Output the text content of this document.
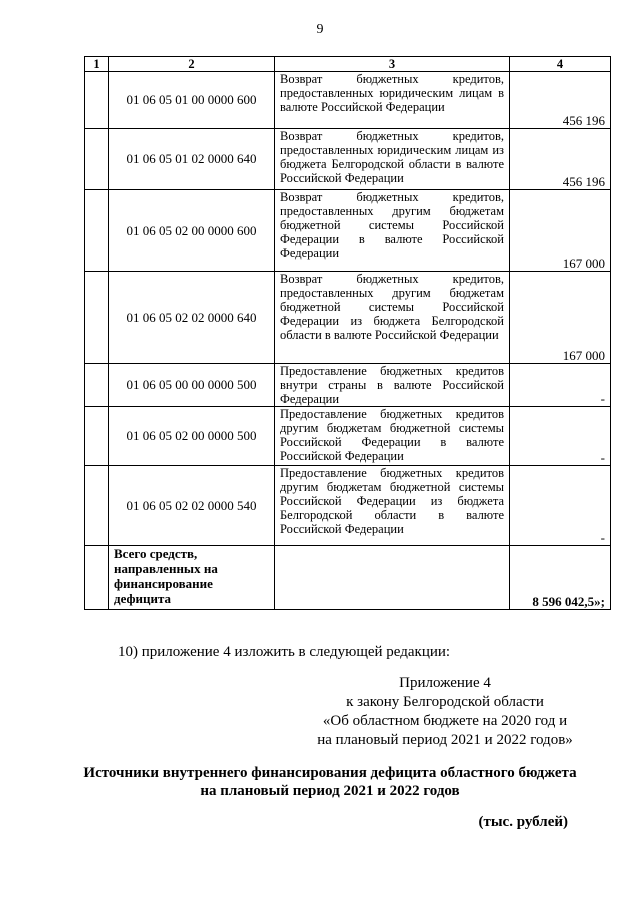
9
1	2	3	4
	01 06 05 01 00 0000 600	Возврат бюджетных кредитов, предоставленных юридическим лицам в валюте Российской Федерации	456 196
	01 06 05 01 02 0000 640	Возврат бюджетных кредитов, предоставленных юридическим лицам из бюджета Белгородской области в валюте Российской Федерации	456 196
	01 06 05 02 00 0000 600	Возврат бюджетных кредитов, предоставленных другим бюджетам бюджетной системы Российской Федерации в валюте Российской Федерации	167 000
	01 06 05 02 02 0000 640	Возврат бюджетных кредитов, предоставленных другим бюджетам бюджетной системы Российской Федерации из бюджета Белгородской области в валюте Российской Федерации	167 000
	01 06 05 00 00 0000 500	Предоставление бюджетных кредитов внутри страны в валюте Российской Федерации	-
	01 06 05 02 00 0000 500	Предоставление бюджетных кредитов другим бюджетам бюджетной системы Российской Федерации в валюте Российской Федерации	-
	01 06 05 02 02 0000 540	Предоставление бюджетных кредитов другим бюджетам бюджетной системы Российской Федерации из бюджета Белгородской области в валюте Российской Федерации	-
	Всего средств, направленных на финансирование дефицита		8 596 042,5»;
10) приложение 4 изложить в следующей редакции:
Приложение 4
к закону Белгородской области
«Об областном бюджете на 2020 год и
на плановый период 2021 и 2022 годов»
Источники внутреннего финансирования дефицита областного бюджета
на плановый период 2021 и 2022 годов
(тыс. рублей)
